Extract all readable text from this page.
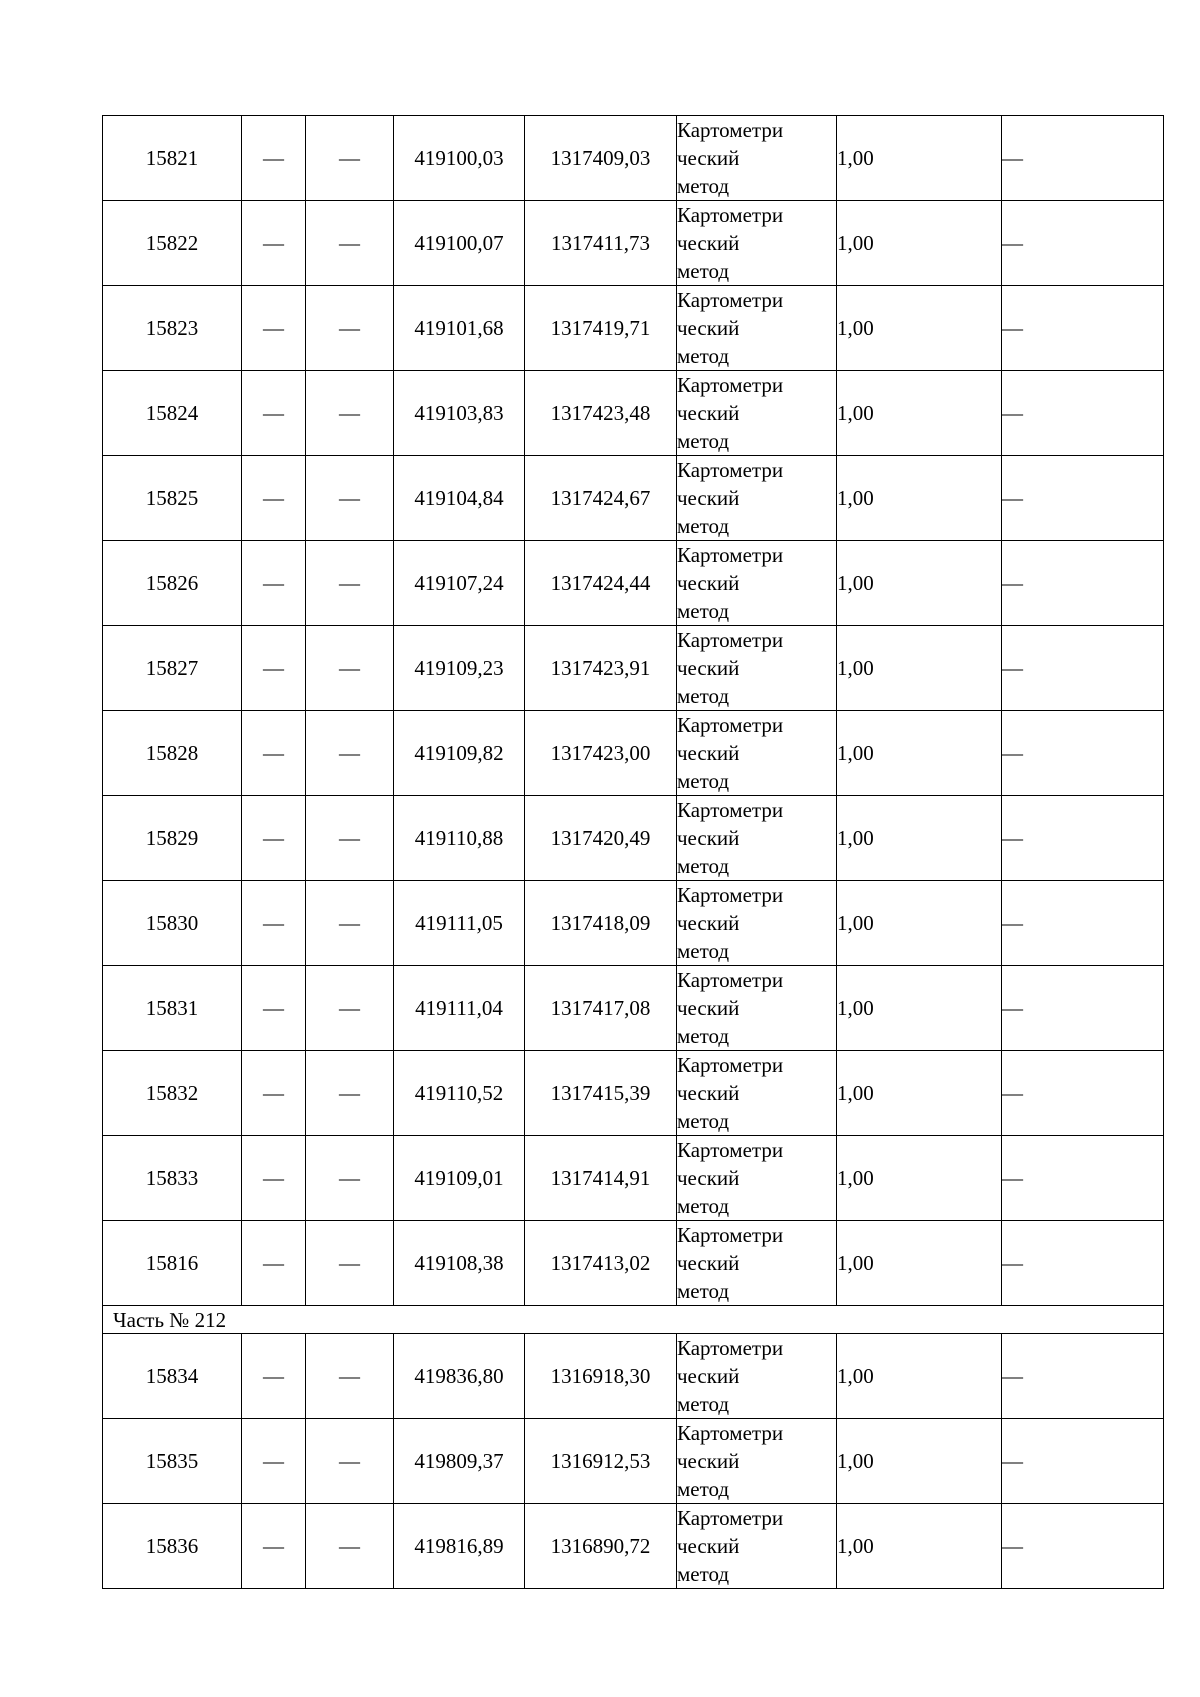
15821	—	—	419100,03	1317409,03	Картометри
ческий
метод	1,00	—
15822	—	—	419100,07	1317411,73	Картометри
ческий
метод	1,00	—
15823	—	—	419101,68	1317419,71	Картометри
ческий
метод	1,00	—
15824	—	—	419103,83	1317423,48	Картометри
ческий
метод	1,00	—
15825	—	—	419104,84	1317424,67	Картометри
ческий
метод	1,00	—
15826	—	—	419107,24	1317424,44	Картометри
ческий
метод	1,00	—
15827	—	—	419109,23	1317423,91	Картометри
ческий
метод	1,00	—
15828	—	—	419109,82	1317423,00	Картометри
ческий
метод	1,00	—
15829	—	—	419110,88	1317420,49	Картометри
ческий
метод	1,00	—
15830	—	—	419111,05	1317418,09	Картометри
ческий
метод	1,00	—
15831	—	—	419111,04	1317417,08	Картометри
ческий
метод	1,00	—
15832	—	—	419110,52	1317415,39	Картометри
ческий
метод	1,00	—
15833	—	—	419109,01	1317414,91	Картометри
ческий
метод	1,00	—
15816	—	—	419108,38	1317413,02	Картометри
ческий
метод	1,00	—
Часть № 212							
15834	—	—	419836,80	1316918,30	Картометри
ческий
метод	1,00	—
15835	—	—	419809,37	1316912,53	Картометри
ческий
метод	1,00	—
15836	—	—	419816,89	1316890,72	Картометри
ческий
метод	1,00	—
